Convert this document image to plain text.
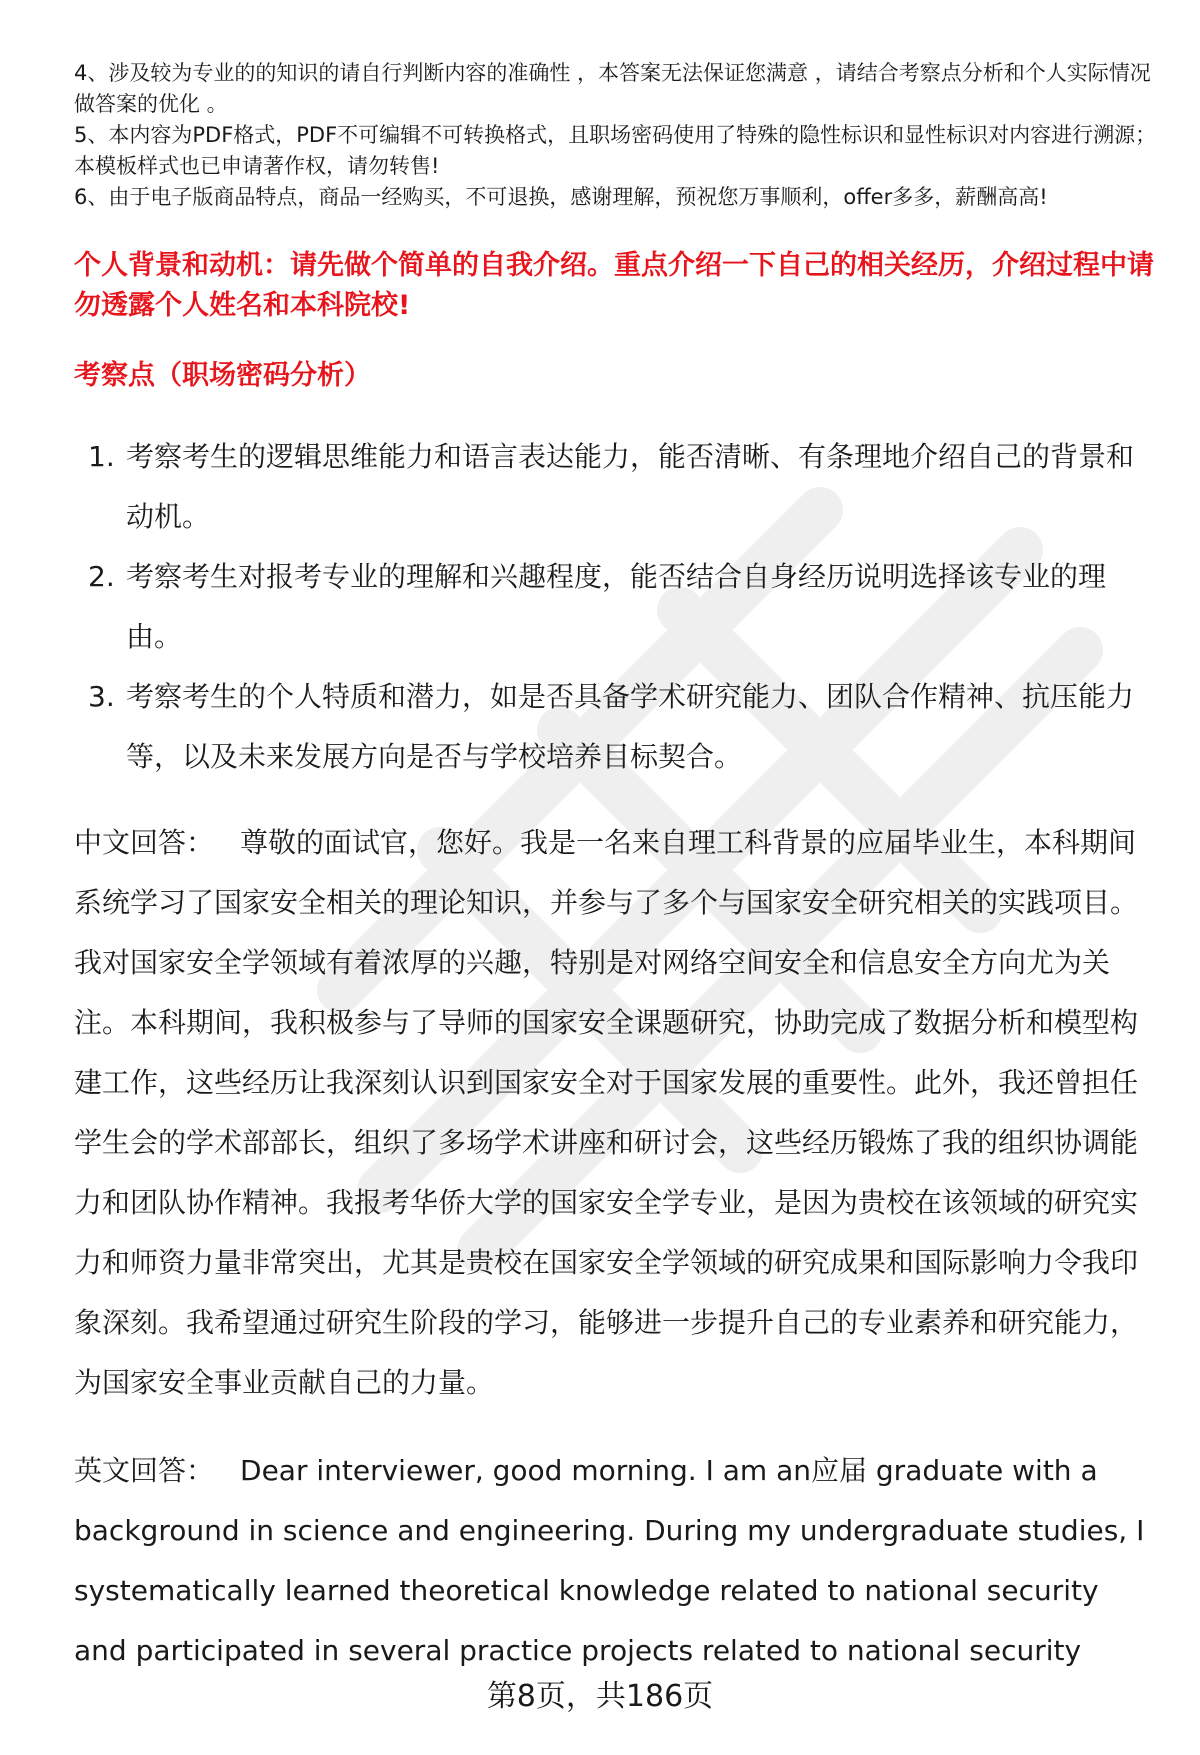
4、涉及较为专业的的知识的请自行判断内容的准确性 ，本答案无法保证您满意 ，请结合考察点分析和个人实际情况做答案的优化 。

5、本内容为PDF格式，PDF不可编辑不可转换格式，且职场密码使用了特殊的隐性标识和显性标识对内容进行溯源；本模板样式也已申请著作权，请勿转售!

6、由于电子版商品特点，商品一经购买，不可退换，感谢理解，预祝您万事顺利，offer多多，薪酬高高!

个人背景和动机：请先做个简单的自我介绍。重点介绍一下自己的相关经历，介绍过程中请勿透露个人姓名和本科院校!
考察点（职场密码分析）
1. 考察考生的逻辑思维能力和语言表达能力，能否清晰、有条理地介绍自己的背景和动机。
2. 考察考生对报考专业的理解和兴趣程度，能否结合自身经历说明选择该专业的理由。
3. 考察考生的个人特质和潜力，如是否具备学术研究能力、团队合作精神、抗压能力等，以及未来发展方向是否与学校培养目标契合。

中文回答： 尊敬的面试官，您好。我是一名来自理工科背景的应届毕业生，本科期间系统学习了国家安全相关的理论知识，并参与了多个与国家安全研究相关的实践项目。我对国家安全学领域有着浓厚的兴趣，特别是对网络空间安全和信息安全方向尤为关注。本科期间，我积极参与了导师的国家安全课题研究，协助完成了数据分析和模型构建工作，这些经历让我深刻认识到国家安全对于国家发展的重要性。此外，我还曾担任学生会的学术部部长，组织了多场学术讲座和研讨会，这些经历锻炼了我的组织协调能力和团队协作精神。我报考华侨大学的国家安全学专业，是因为贵校在该领域的研究实力和师资力量非常突出，尤其是贵校在国家安全学领域的研究成果和国际影响力令我印象深刻。我希望通过研究生阶段的学习，能够进一步提升自己的专业素养和研究能力，为国家安全事业贡献自己的力量。

英文回答： Dear interviewer, good morning. I am an应届 graduate with a background in science and engineering. During my undergraduate studies, I systematically learned theoretical knowledge related to national security and participated in several practice projects related to national security

第8页，共186页
